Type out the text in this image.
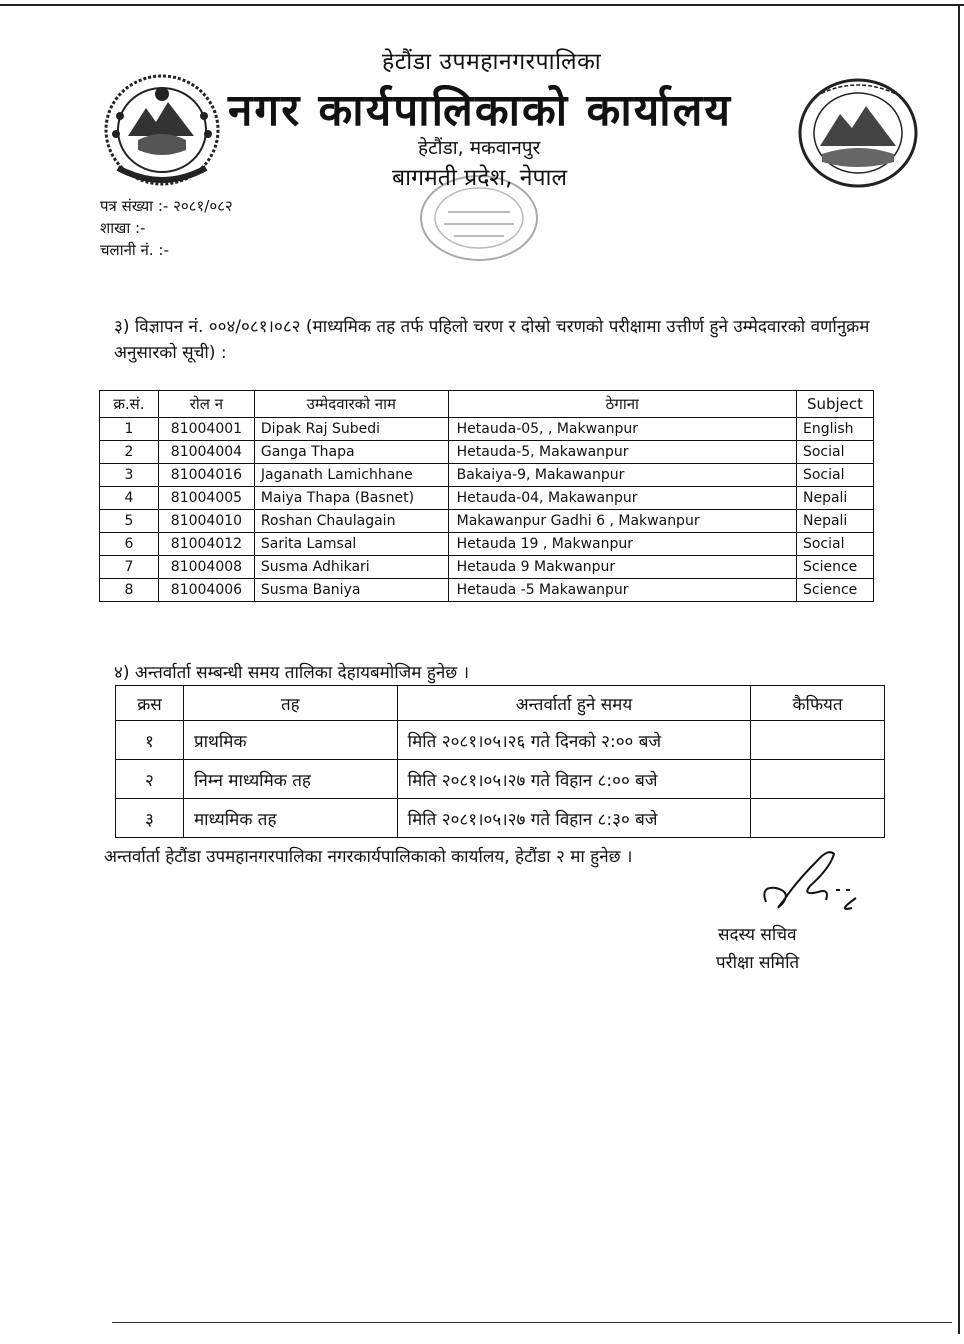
हेटौंडा उपमहानगरपालिका
नगर कार्यपालिकाको कार्यालय
हेटौंडा, मकवानपुर
बागमती प्रदेश, नेपाल
पत्र संख्या :- २०८१/०८२
शाखा :-
चलानी नं. :-
३) विज्ञापन नं. ००४/०८१।०८२ (माध्यमिक तह तर्फ पहिलो चरण र दोस्रो चरणको परीक्षामा उत्तीर्ण हुने उम्मेदवारको वर्णानुक्रम अनुसारको सूची) :
क्र.सं.	रोल न	उम्मेदवारको नाम	ठेगाना	Subject
1	81004001	Dipak Raj Subedi	Hetauda-05, , Makwanpur	English
2	81004004	Ganga Thapa	Hetauda-5, Makawanpur	Social
3	81004016	Jaganath Lamichhane	Bakaiya-9, Makawanpur	Social
4	81004005	Maiya Thapa (Basnet)	Hetauda-04, Makawanpur	Nepali
5	81004010	Roshan Chaulagain	Makawanpur Gadhi 6 , Makwanpur	Nepali
6	81004012	Sarita Lamsal	Hetauda 19 , Makwanpur	Social
7	81004008	Susma Adhikari	Hetauda 9 Makwanpur	Science
8	81004006	Susma Baniya	Hetauda -5 Makawanpur	Science
४) अन्तर्वार्ता सम्बन्धी समय तालिका देहायबमोजिम हुनेछ ।
क्रस	तह	अन्तर्वार्ता हुने समय	कैफियत
१	प्राथमिक	मिति २०८१।०५।२६ गते दिनको २:०० बजे	
२	निम्न माध्यमिक तह	मिति २०८१।०५।२७ गते विहान ८:०० बजे	
३	माध्यमिक तह	मिति २०८१।०५।२७ गते विहान ८:३० बजे	
अन्तर्वार्ता हेटौंडा उपमहानगरपालिका नगरकार्यपालिकाको कार्यालय, हेटौंडा २ मा हुनेछ ।
सदस्य सचिव
परीक्षा समिति
